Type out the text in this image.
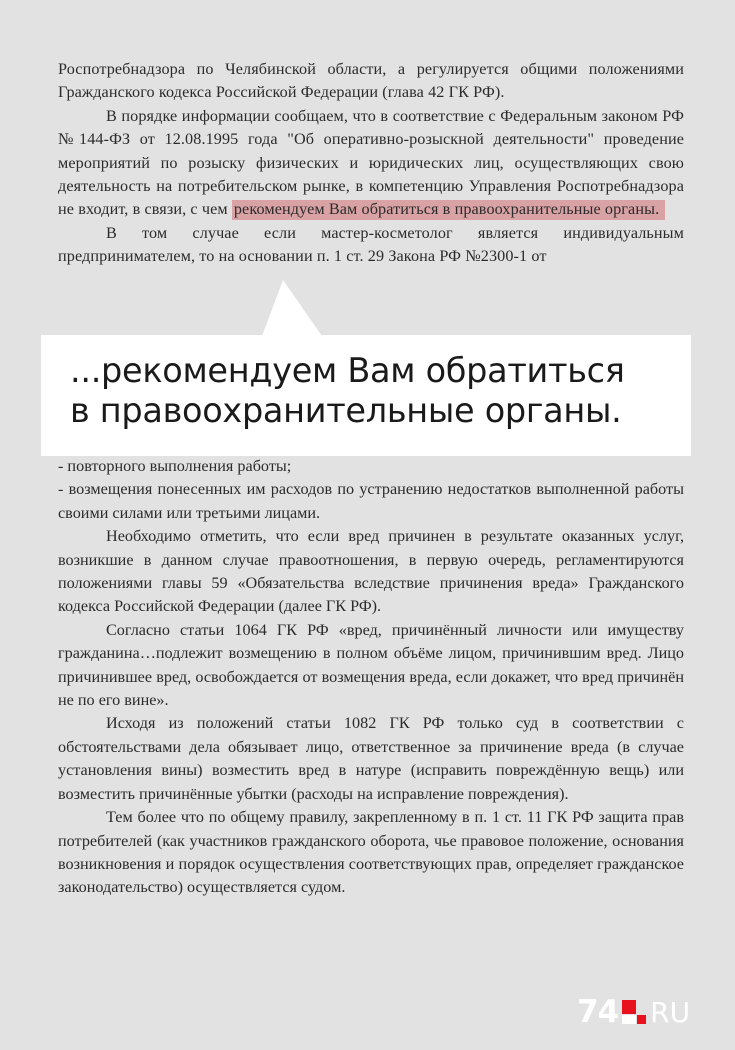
Роспотребнадзора по Челябинской области, а регулируется общими положениями Гражданского кодекса Российской Федерации (глава 42 ГК РФ).

В порядке информации сообщаем, что в соответствие с Федеральным законом РФ №144-ФЗ от 12.08.1995 года "Об оперативно-розыскной деятельности" проведение мероприятий по розыску физических и юридических лиц, осуществляющих свою деятельность на потребительском рынке, в компетенцию Управления Роспотребнадзора не входит, в связи, с чем рекомендуем Вам обратиться в правоохранительные органы.

В том случае если мастер-косметолог является индивидуальным предпринимателем, то на основании п. 1 ст. 29 Закона РФ №2300-1 от

...рекомендуем Вам обратиться
в правоохранительные органы.

- повторного выполнения работы;

- возмещения понесенных им расходов по устранению недостатков выполненной работы своими силами или третьими лицами.

Необходимо отметить, что если вред причинен в результате оказанных услуг, возникшие в данном случае правоотношения, в первую очередь, регламентируются положениями главы 59 «Обязательства вследствие причинения вреда» Гражданского кодекса Российской Федерации (далее ГК РФ).

Согласно статьи 1064 ГК РФ «вред, причинённый личности или имуществу гражданина…подлежит возмещению в полном объёме лицом, причинившим вред. Лицо причинившее вред, освобождается от возмещения вреда, если докажет, что вред причинён не по его вине».

Исходя из положений статьи 1082 ГК РФ только суд в соответствии с обстоятельствами дела обязывает лицо, ответственное за причинение вреда (в случае установления вины) возместить вред в натуре (исправить повреждённую вещь) или возместить причинённые убытки (расходы на исправление повреждения).

Тем более что по общему правилу, закрепленному в п. 1 ст. 11 ГК РФ защита прав потребителей (как участников гражданского оборота, чье правовое положение, основания возникновения и порядок осуществления соответствующих прав, определяет гражданское законодательство) осуществляется судом.

74 RU
